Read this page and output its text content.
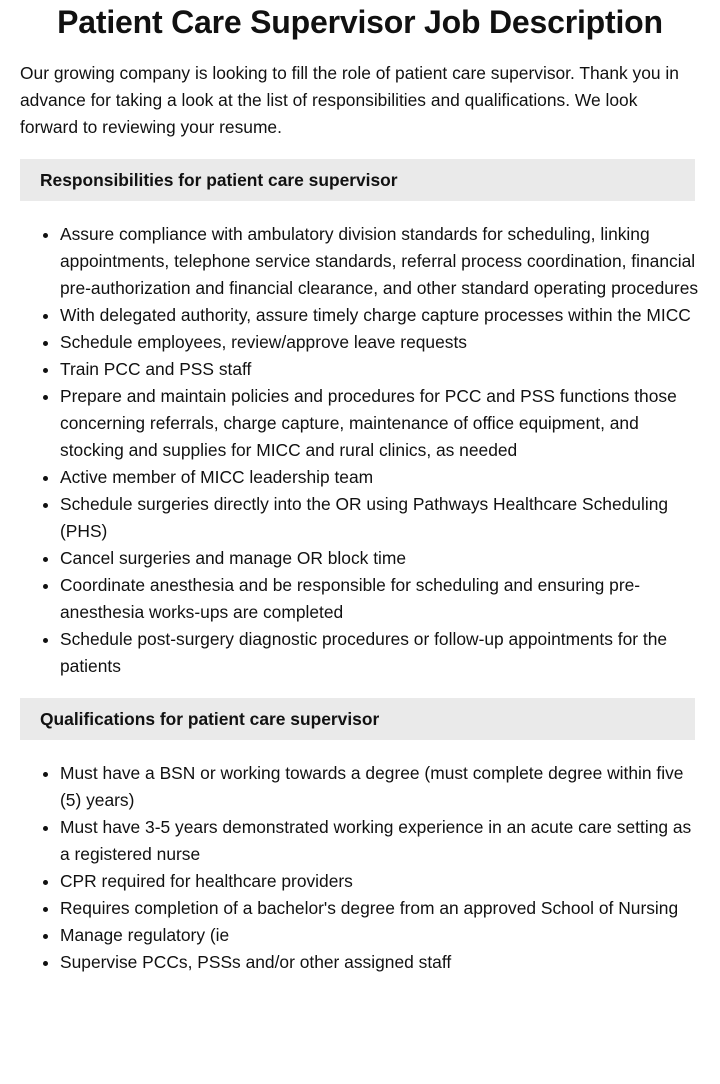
Patient Care Supervisor Job Description

Our growing company is looking to fill the role of patient care supervisor. Thank you in advance for taking a look at the list of responsibilities and qualifications. We look forward to reviewing your resume.

Responsibilities for patient care supervisor
• Assure compliance with ambulatory division standards for scheduling, linking appointments, telephone service standards, referral process coordination, financial pre-authorization and financial clearance, and other standard operating procedures
• With delegated authority, assure timely charge capture processes within the MICC
• Schedule employees, review/approve leave requests
• Train PCC and PSS staff
• Prepare and maintain policies and procedures for PCC and PSS functions those concerning referrals, charge capture, maintenance of office equipment, and stocking and supplies for MICC and rural clinics, as needed
• Active member of MICC leadership team
• Schedule surgeries directly into the OR using Pathways Healthcare Scheduling (PHS)
• Cancel surgeries and manage OR block time
• Coordinate anesthesia and be responsible for scheduling and ensuring pre-anesthesia works-ups are completed
• Schedule post-surgery diagnostic procedures or follow-up appointments for the patients
Qualifications for patient care supervisor
• Must have a BSN or working towards a degree (must complete degree within five (5) years)
• Must have 3-5 years demonstrated working experience in an acute care setting as a registered nurse
• CPR required for healthcare providers
• Requires completion of a bachelor's degree from an approved School of Nursing
• Manage regulatory (ie
• Supervise PCCs, PSSs and/or other assigned staff
